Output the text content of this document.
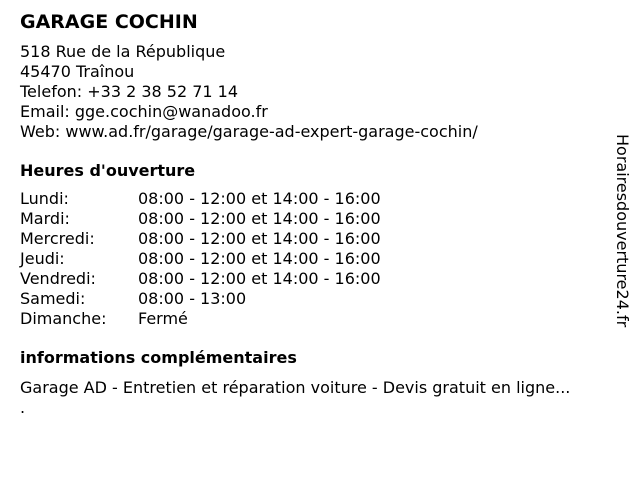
GARAGE COCHIN
518 Rue de la République
45470 Traînou
Telefon: +33 2 38 52 71 14
Email: gge.cochin@wanadoo.fr
Web: www.ad.fr/garage/garage-ad-expert-garage-cochin/
Heures d'ouverture
Lundi:	08:00 - 12:00 et 14:00 - 16:00
Mardi:	08:00 - 12:00 et 14:00 - 16:00
Mercredi:	08:00 - 12:00 et 14:00 - 16:00
Jeudi:	08:00 - 12:00 et 14:00 - 16:00
Vendredi:	08:00 - 12:00 et 14:00 - 16:00
Samedi:	08:00 - 13:00
Dimanche:	Fermé
informations complémentaires
Garage AD - Entretien et réparation voiture - Devis gratuit en ligne...
.
Horairesdouverture24.fr
